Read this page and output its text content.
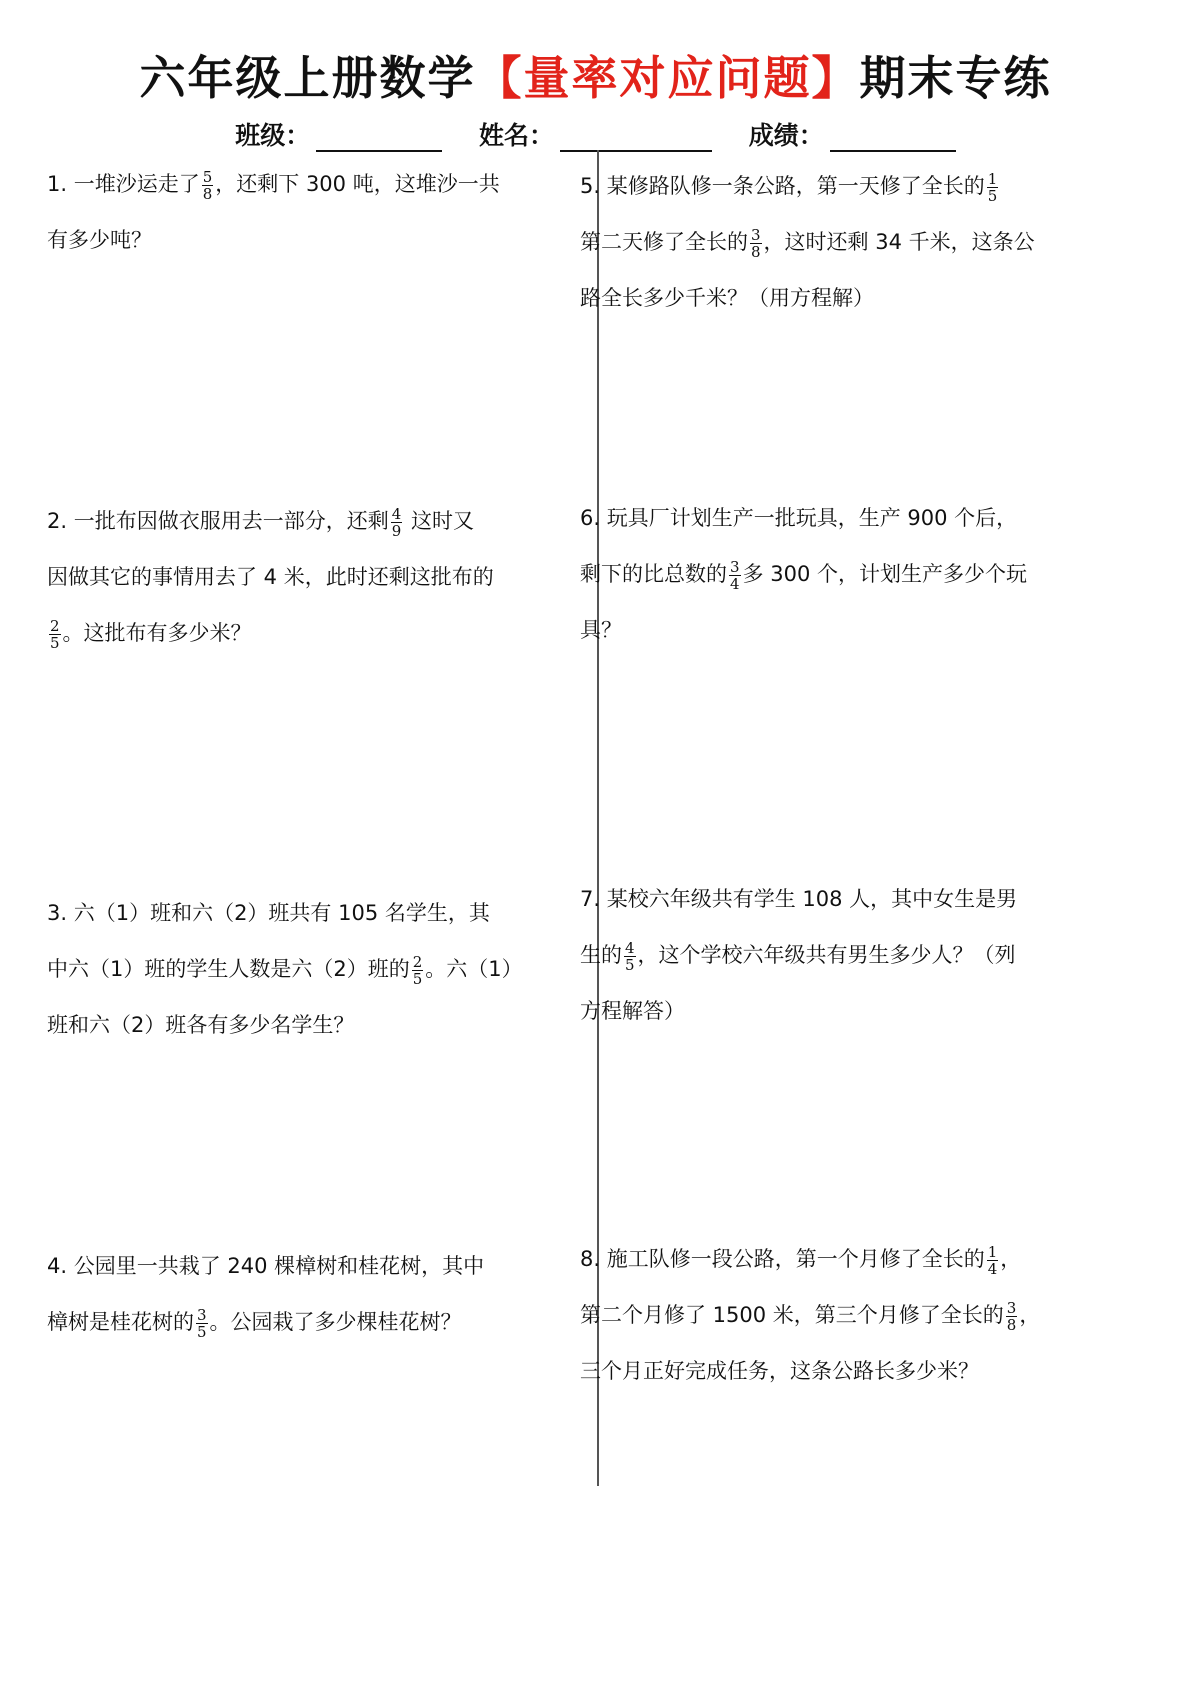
六年级上册数学【量率对应问题】期末专练
班级：	姓名：	成绩：
1. 一堆沙运走了 $\frac{5}{8}$ ，还剩下 300 吨，这堆沙一共
有多少吨？
2. 一批布因做衣服用去一部分，还剩 $\frac{4}{9}$ 这时又
因做其它的事情用去了 4 米，此时还剩这批布的
$\frac{2}{5}$ 。这批布有多少米？
3. 六（1）班和六（2）班共有 105 名学生，其
中六（1）班的学生人数是六（2）班的 $\frac{2}{5}$ 。六（1）
班和六（2）班各有多少名学生？
4. 公园里一共栽了 240 棵樟树和桂花树，其中
樟树是桂花树的 $\frac{3}{5}$ 。公园栽了多少棵桂花树？
5. 某修路队修一条公路，第一天修了全长的 $\frac{1}{5}$
第二天修了全长的 $\frac{3}{8}$ ，这时还剩 34 千米，这条公
路全长多少千米？（用方程解）
6. 玩具厂计划生产一批玩具，生产 900 个后，
剩下的比总数的 $\frac{3}{4}$ 多 300 个，计划生产多少个玩
具？
7. 某校六年级共有学生 108 人，其中女生是男
生的 $\frac{4}{5}$ ，这个学校六年级共有男生多少人？（列
方程解答）
8. 施工队修一段公路，第一个月修了全长的 $\frac{1}{4}$ ，
第二个月修了 1500 米，第三个月修了全长的 $\frac{3}{8}$ ，
三个月正好完成任务，这条公路长多少米？
